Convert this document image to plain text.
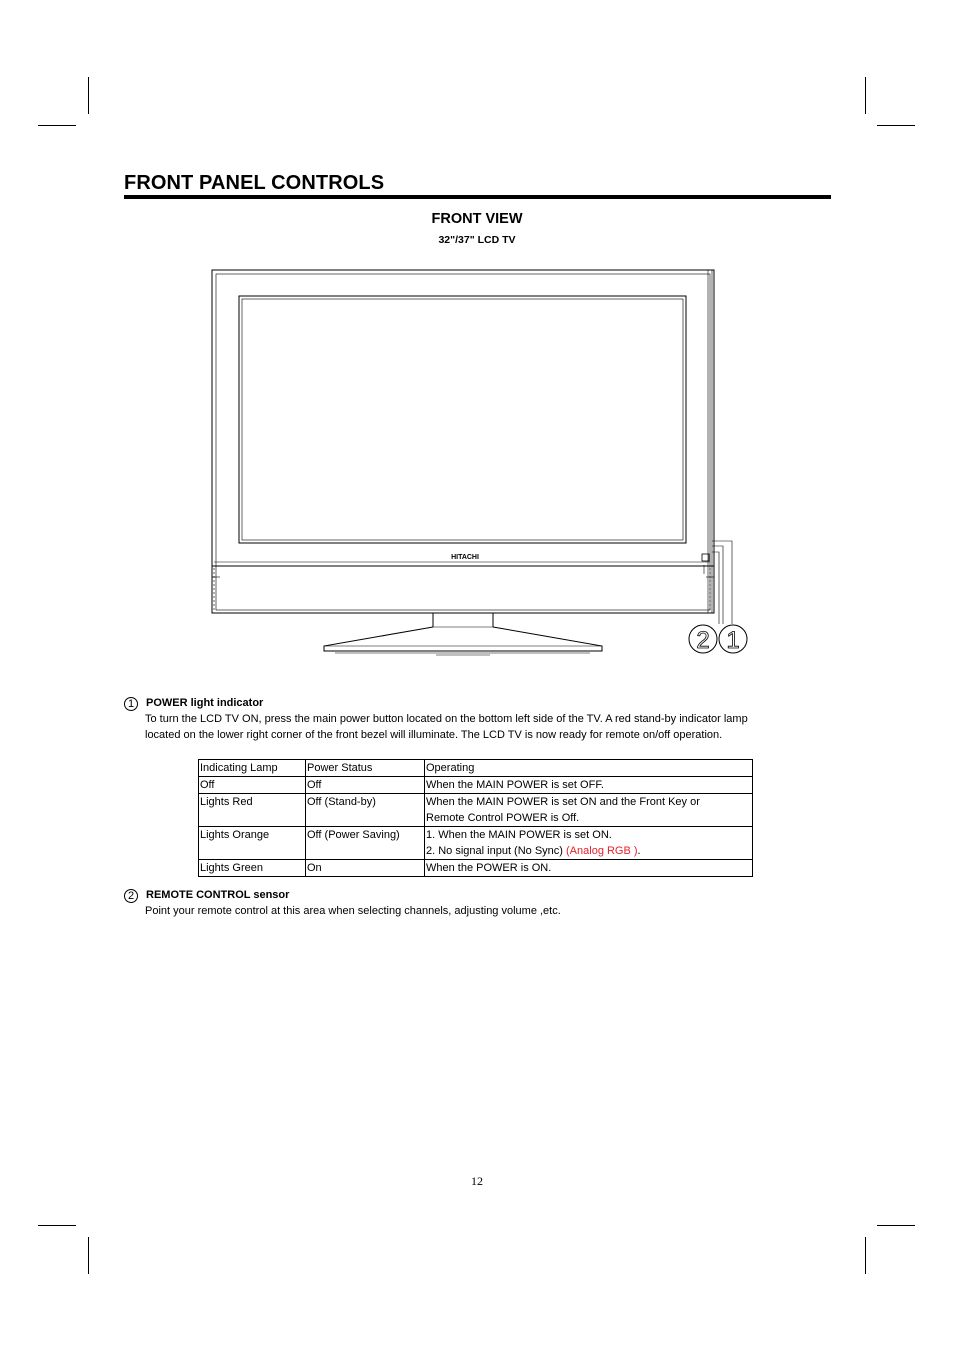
FRONT PANEL CONTROLS
FRONT VIEW
32"/37" LCD TV
HITACHI
2 1
1	POWER light indicator
To turn the LCD TV ON, press the main power button located on the bottom left side of the TV. A red stand-by indicator lamp
located on the lower right corner of the front bezel will illuminate. The LCD TV is now ready for remote on/off operation.
Indicating Lamp	Power Status	Operating
Off	Off	When the MAIN POWER is set OFF.
Lights Red	Off (Stand-by)	When the MAIN POWER is set ON and the Front Key or
Remote Control POWER is Off.

Lights Orange	Off (Power Saving)	1. When the MAIN POWER is set ON.
2. No signal input (No Sync) (Analog RGB ).

Lights Green	On	When the POWER is ON.
2	REMOTE CONTROL sensor
Point your remote control at this area when selecting channels, adjusting volume ,etc.
12
